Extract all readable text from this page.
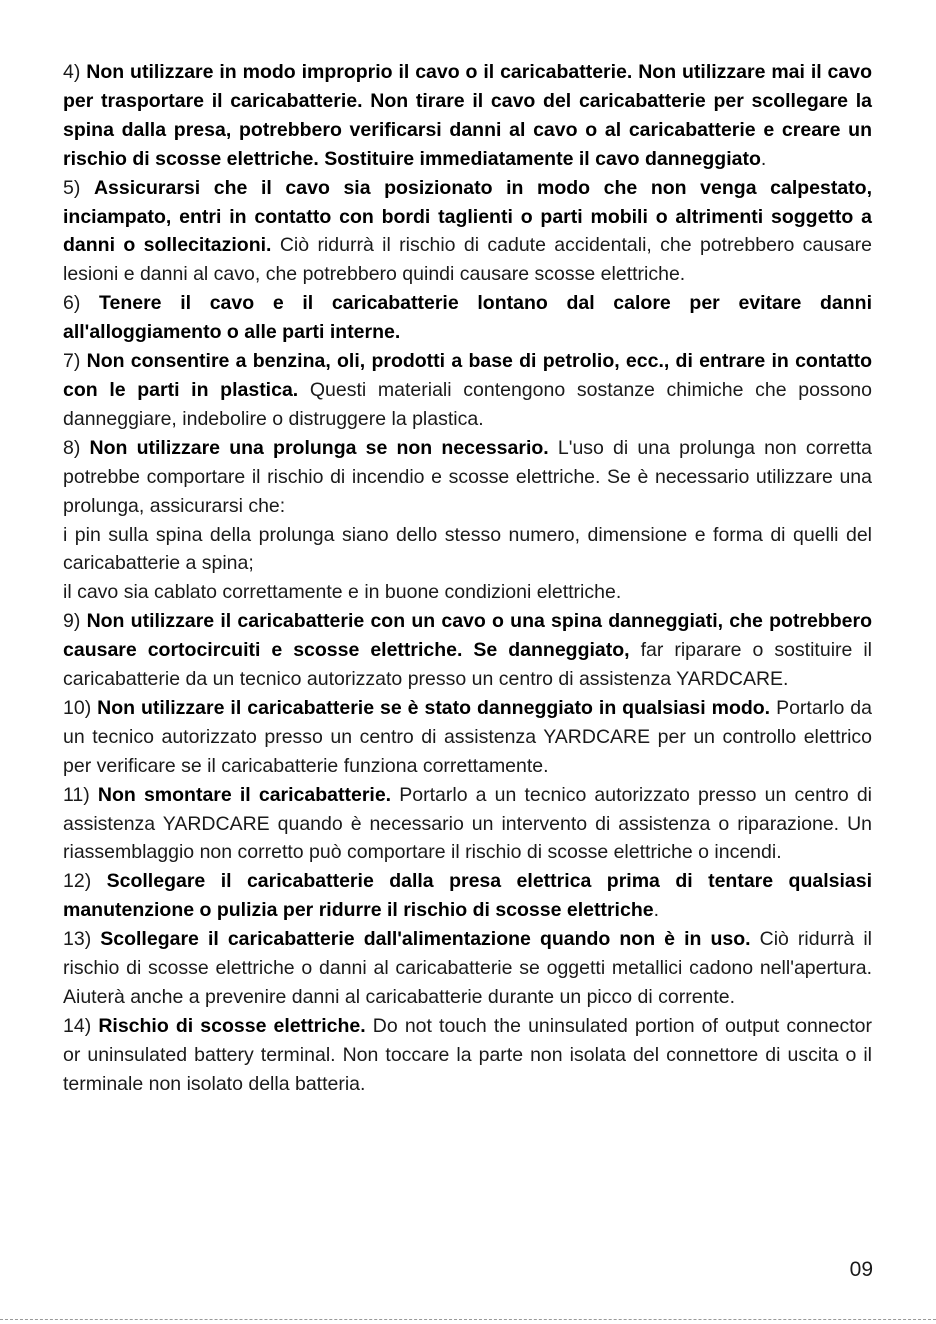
4) Non utilizzare in modo improprio il cavo o il caricabatterie. Non utilizzare mai il cavo per trasportare il caricabatterie. Non tirare il cavo del caricabatterie per scollegare la spina dalla presa, potrebbero verificarsi danni al cavo o al caricabatterie e creare un rischio di scosse elettriche. Sostituire immediatamente il cavo danneggiato.

5) Assicurarsi che il cavo sia posizionato in modo che non venga calpestato, inciampato, entri in contatto con bordi taglienti o parti mobili o altrimenti soggetto a danni o sollecitazioni. Ciò ridurrà il rischio di cadute accidentali, che potrebbero causare lesioni e danni al cavo, che potrebbero quindi causare scosse elettriche.

6) Tenere il cavo e il caricabatterie lontano dal calore per evitare danni all'alloggiamento o alle parti interne.

7) Non consentire a benzina, oli, prodotti a base di petrolio, ecc., di entrare in contatto con le parti in plastica. Questi materiali contengono sostanze chimiche che possono danneggiare, indebolire o distruggere la plastica.

8) Non utilizzare una prolunga se non necessario. L'uso di una prolunga non corretta potrebbe comportare il rischio di incendio e scosse elettriche. Se è necessario utilizzare una prolunga, assicurarsi che:

i pin sulla spina della prolunga siano dello stesso numero, dimensione e forma di quelli del caricabatterie a spina;

il cavo sia cablato correttamente e in buone condizioni elettriche.

9) Non utilizzare il caricabatterie con un cavo o una spina danneggiati, che potrebbero causare cortocircuiti e scosse elettriche. Se danneggiato, far riparare o sostituire il caricabatterie da un tecnico autorizzato presso un centro di assistenza YARDCARE.

10) Non utilizzare il caricabatterie se è stato danneggiato in qualsiasi modo. Portarlo da un tecnico autorizzato presso un centro di assistenza YARDCARE per un controllo elettrico per verificare se il caricabatterie funziona correttamente.

11) Non smontare il caricabatterie. Portarlo a un tecnico autorizzato presso un centro di assistenza YARDCARE quando è necessario un intervento di assistenza o riparazione. Un riassemblaggio non corretto può comportare il rischio di scosse elettriche o incendi.

12) Scollegare il caricabatterie dalla presa elettrica prima di tentare qualsiasi manutenzione o pulizia per ridurre il rischio di scosse elettriche.

13) Scollegare il caricabatterie dall'alimentazione quando non è in uso. Ciò ridurrà il rischio di scosse elettriche o danni al caricabatterie se oggetti metallici cadono nell'apertura. Aiuterà anche a prevenire danni al caricabatterie durante un picco di corrente.

14) Rischio di scosse elettriche. Do not touch the uninsulated portion of output connector or uninsulated battery terminal. Non toccare la parte non isolata del connettore di uscita o il terminale non isolato della batteria.

09
